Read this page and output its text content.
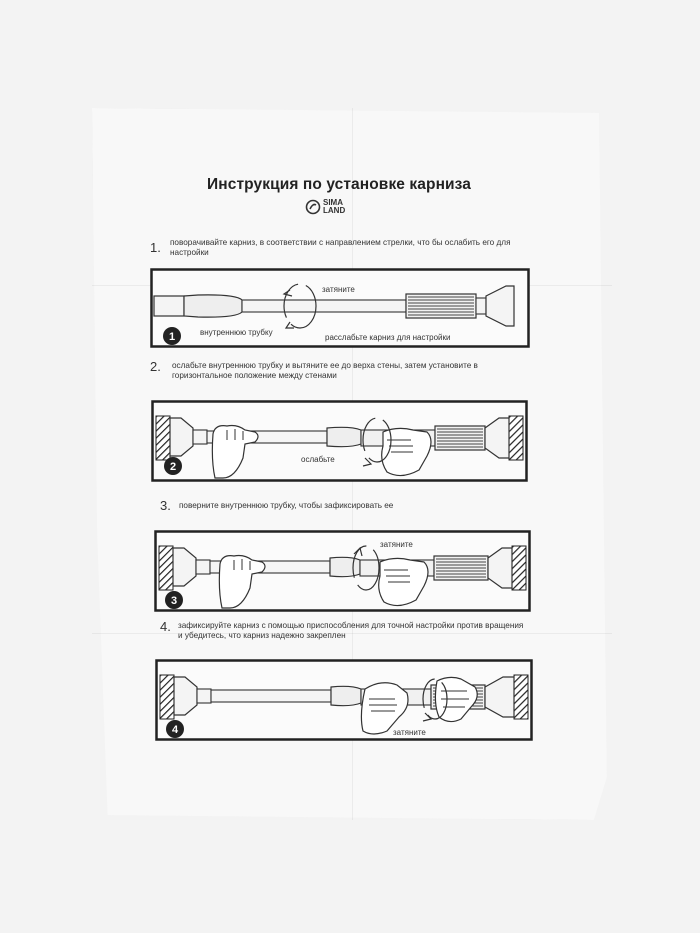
Инструкция по установке карниза
SIMA
LAND
1. поворачивайте карниз, в соответствии с направлением стрелки, что бы ослабить его для настройки
затяните
внутреннюю трубку
расслабьте карниз для настройки
1
2. ослабьте внутреннюю трубку и вытяните ее до верха стены, затем установите в горизонтальное положение между стенами
ослабьте
2
3. поверните внутреннюю трубку, чтобы зафиксировать ее
затяните
3
4. зафиксируйте карниз с помощью приспособления для точной настройки против вращения и убедитесь, что карниз надежно закреплен
затяните
4
